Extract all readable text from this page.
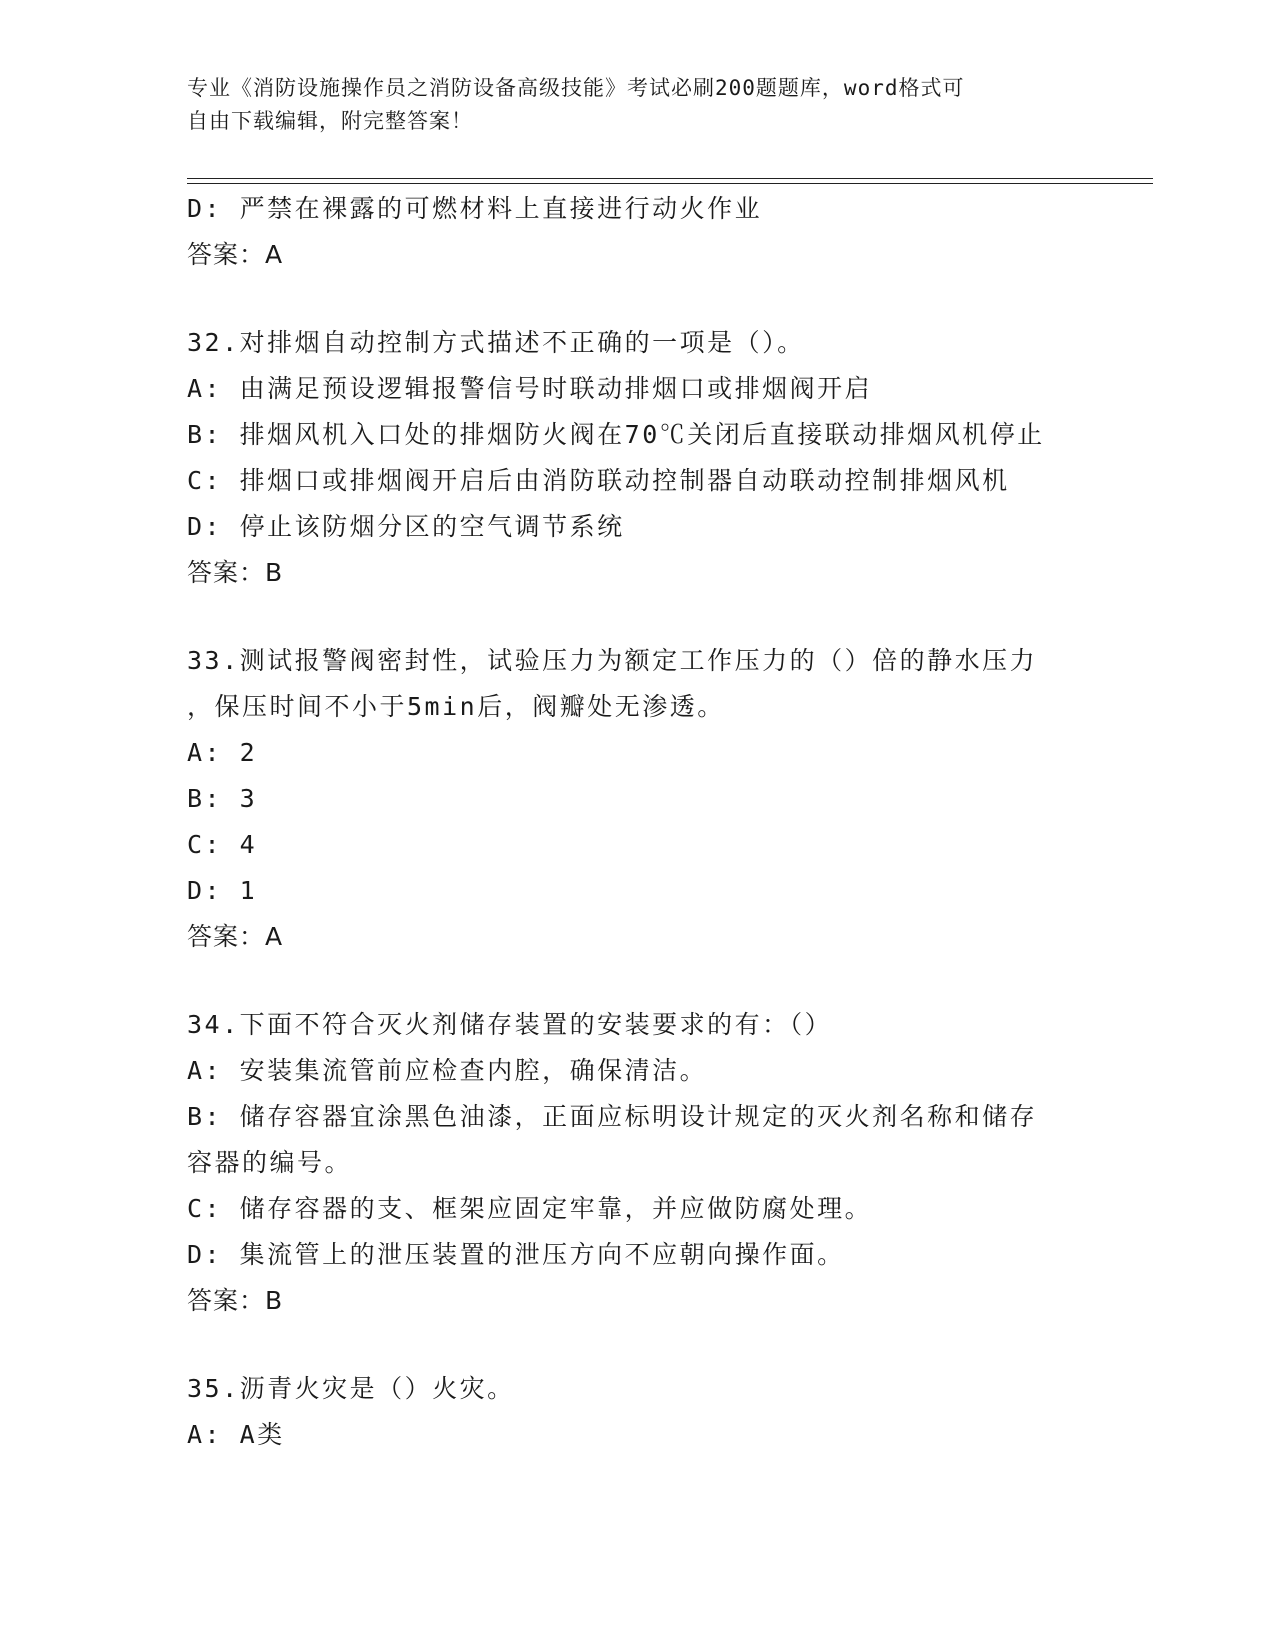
专业《消防设施操作员之消防设备高级技能》考试必刷200题题库，word格式可
自由下载编辑，附完整答案！
D: 严禁在裸露的可燃材料上直接进行动火作业
答案：A
32.对排烟自动控制方式描述不正确的一项是（）。
A: 由满足预设逻辑报警信号时联动排烟口或排烟阀开启
B: 排烟风机入口处的排烟防火阀在70℃关闭后直接联动排烟风机停止
C: 排烟口或排烟阀开启后由消防联动控制器自动联动控制排烟风机
D: 停止该防烟分区的空气调节系统
答案：B
33.测试报警阀密封性，试验压力为额定工作压力的（）倍的静水压力
，保压时间不小于5min后，阀瓣处无渗透。
A: 2
B: 3
C: 4
D: 1
答案：A
34.下面不符合灭火剂储存装置的安装要求的有：（）
A: 安装集流管前应检查内腔，确保清洁。
B: 储存容器宜涂黑色油漆，正面应标明设计规定的灭火剂名称和储存
容器的编号。
C: 储存容器的支、框架应固定牢靠，并应做防腐处理。
D: 集流管上的泄压装置的泄压方向不应朝向操作面。
答案：B
35.沥青火灾是（）火灾。
A: A类
